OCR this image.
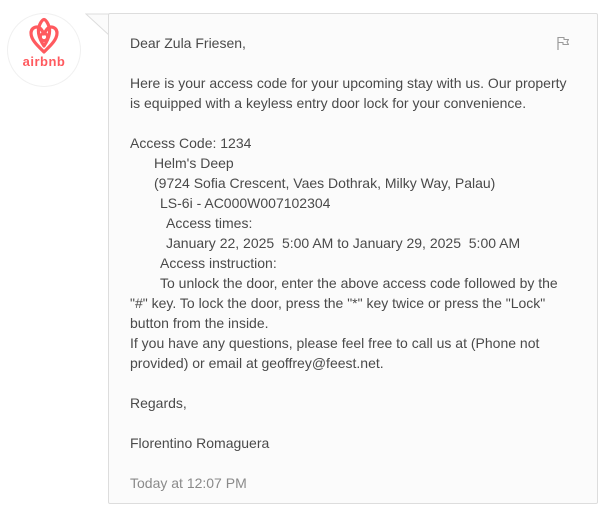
airbnb

Dear Zula Friesen,

Here is your access code for your upcoming stay with us. Our property

is equipped with a keyless entry door lock for your convenience.

Access Code: 1234

Helm's Deep

(9724 Sofia Crescent, Vaes Dothrak, Milky Way, Palau)

LS-6i - AC000W007102304

Access times:

January 22, 2025  5:00 AM to January 29, 2025  5:00 AM

Access instruction:

To unlock the door, enter the above access code followed by the

"#" key. To lock the door, press the "*" key twice or press the "Lock"

button from the inside.

If you have any questions, please feel free to call us at (Phone not

provided) or email at geoffrey@feest.net.

Regards,

Florentino Romaguera

Today at 12:07 PM
